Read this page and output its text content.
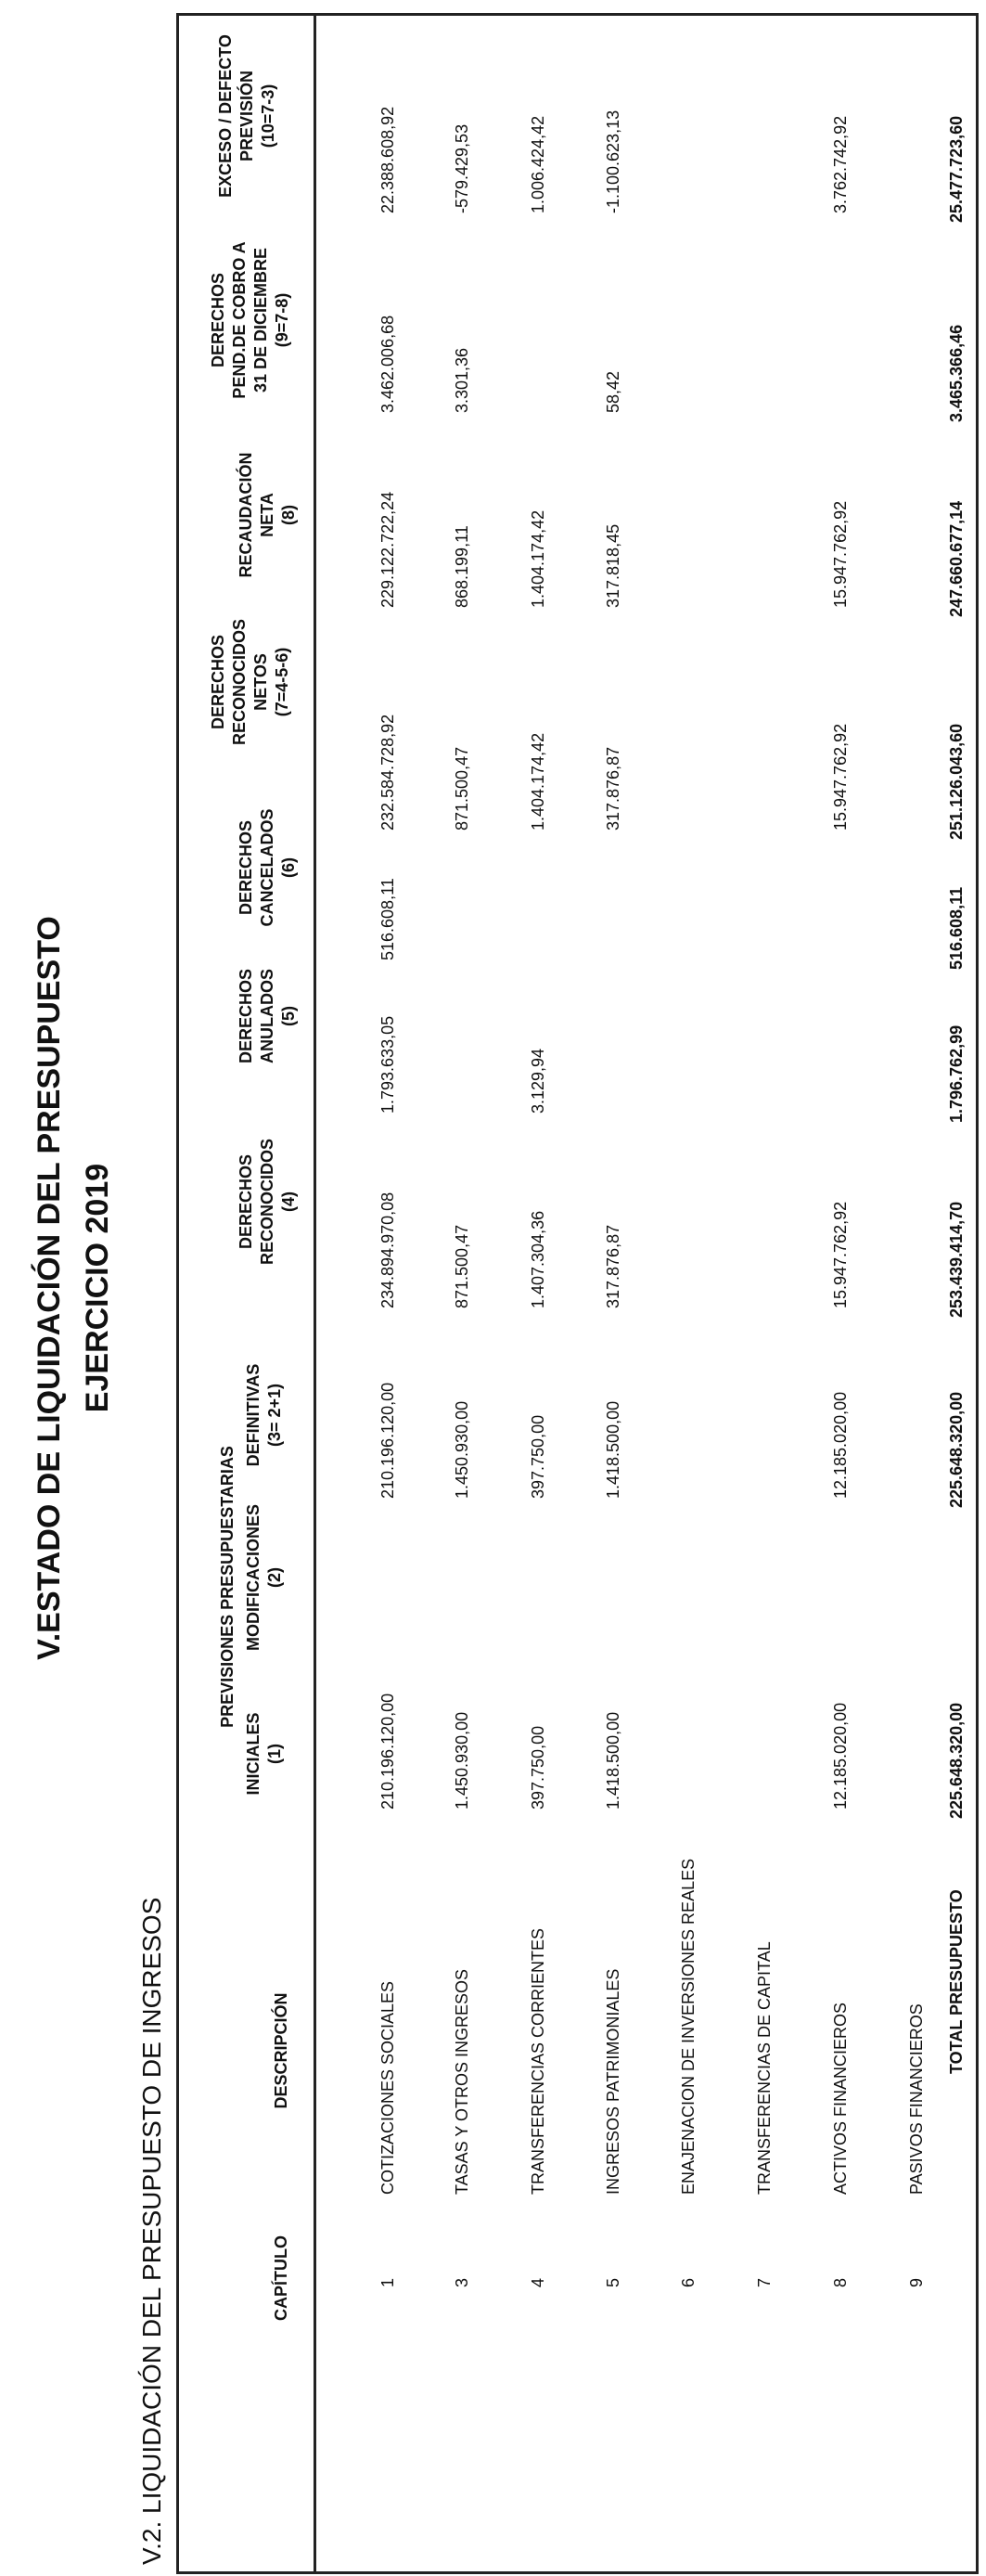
V.ESTADO DE LIQUIDACIÓN DEL PRESUPUESTO EJERCICIO 2019
V.2. LIQUIDACIÓN DEL PRESUPUESTO DE INGRESOS	CAPÍTULO
DESCRIPCIÓN
INICIALES (1)
MODIFICACIONES (2)
DEFINITIVAS (3= 2+1)
DERECHOS RECONOCIDOS (4)
DERECHOS ANULADOS (5)
DERECHOS CANCELADOS (6)
DERECHOS RECONOCIDOS NETOS (7=4-5-6)
RECAUDACIÓN NETA (8)
DERECHOS PEND.DE COBRO A 31 DE DICIEMBRE (9=7-8)
EXCESO / DEFECTO PREVISIÓN (10=7-3)
PREVISIONES PRESUPUESTARIAS
1
COTIZACIONES SOCIALES
210.196.120,00
210.196.120,00
234.894.970,08
1.793.633,05
516.608,11
232.584.728,92
229.122.722,24
3.462.006,68
22.388.608,92
3
TASAS Y OTROS INGRESOS
1.450.930,00
1.450.930,00
871.500,47
871.500,47
868.199,11
3.301,36
-579.429,53
4
TRANSFERENCIAS CORRIENTES
397.750,00
397.750,00
1.407.304,36
3.129,94
1.404.174,42
1.404.174,42
1.006.424,42
5
INGRESOS PATRIMONIALES
1.418.500,00
1.418.500,00
317.876,87
317.876,87
317.818,45
58,42
-1.100.623,13
6
ENAJENACION DE INVERSIONES REALES
7
TRANSFERENCIAS DE CAPITAL
8
ACTIVOS FINANCIEROS
12.185.020,00
12.185.020,00
15.947.762,92
15.947.762,92
15.947.762,92
3.762.742,92
9
PASIVOS FINANCIEROS
TOTAL PRESUPUESTO
225.648.320,00
225.648.320,00
253.439.414,70
1.796.762,99
516.608,11
251.126.043,60
247.660.677,14
3.465.366,46
25.477.723,60
